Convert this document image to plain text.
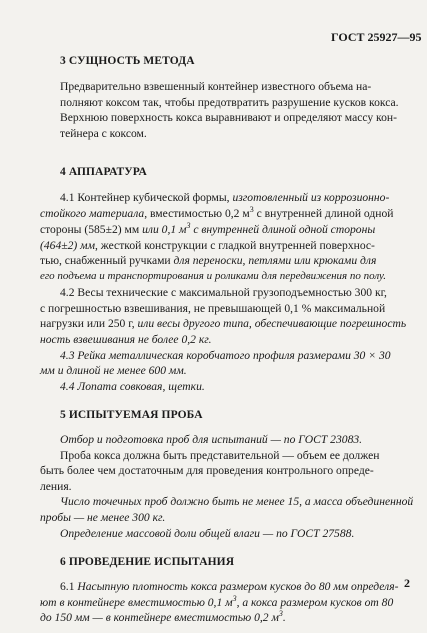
ГОСТ 25927—95
3 СУЩНОСТЬ МЕТОДА
Предварительно взвешенный контейнер известного объема на-
полняют коксом так, чтобы предотвратить разрушение кусков кокса.
Верхнюю поверхность кокса выравнивают и определяют массу кон-
тейнера с коксом.
4 АППАРАТУРА
4.1 Контейнер кубической формы, изготовленный из коррозионно-
стойкого материала, вместимостью 0,2 $м^3$ с внутренней длиной одной
стороны (585±2) мм или 0,1 $м^3$ с внутренней длиной одной стороны
(464±2) мм, жесткой конструкции с гладкой внутренней поверхнос-
тью, снабженный ручками для переноски, петлями или крюками для
его подъема и транспортирования и роликами для передвижения по полу.
4.2 Весы технические с максимальной грузоподъемностью 300 кг,
с погрешностью взвешивания, не превышающей 0,1 % максимальной
нагрузки или 250 г, или весы другого типа, обеспечивающие погрешность
ность взвешивания не более 0,2 кг.
4.3 Рейка металлическая коробчатого профиля размерами 30 × 30
мм и длиной не менее 600 мм.
4.4 Лопата совковая, щетки.
5 ИСПЫТУЕМАЯ ПРОБА
Отбор и подготовка проб для испытаний — по ГОСТ 23083.
Проба кокса должна быть представительной — объем ее должен
быть более чем достаточным для проведения контрольного опреде-
ления.
Число точечных проб должно быть не менее 15, а масса объединенной
пробы — не менее 300 кг.
Определение массовой доли общей влаги — по ГОСТ 27588.
6 ПРОВЕДЕНИЕ ИСПЫТАНИЯ
6.1 Насыпную плотность кокса размером кусков до 80 мм определя-
ют в контейнере вместимостью 0,1 $м^3$, а кокса размером кусков от 80
до 150 мм — в контейнере вместимостью 0,2 $м^3$.
2
